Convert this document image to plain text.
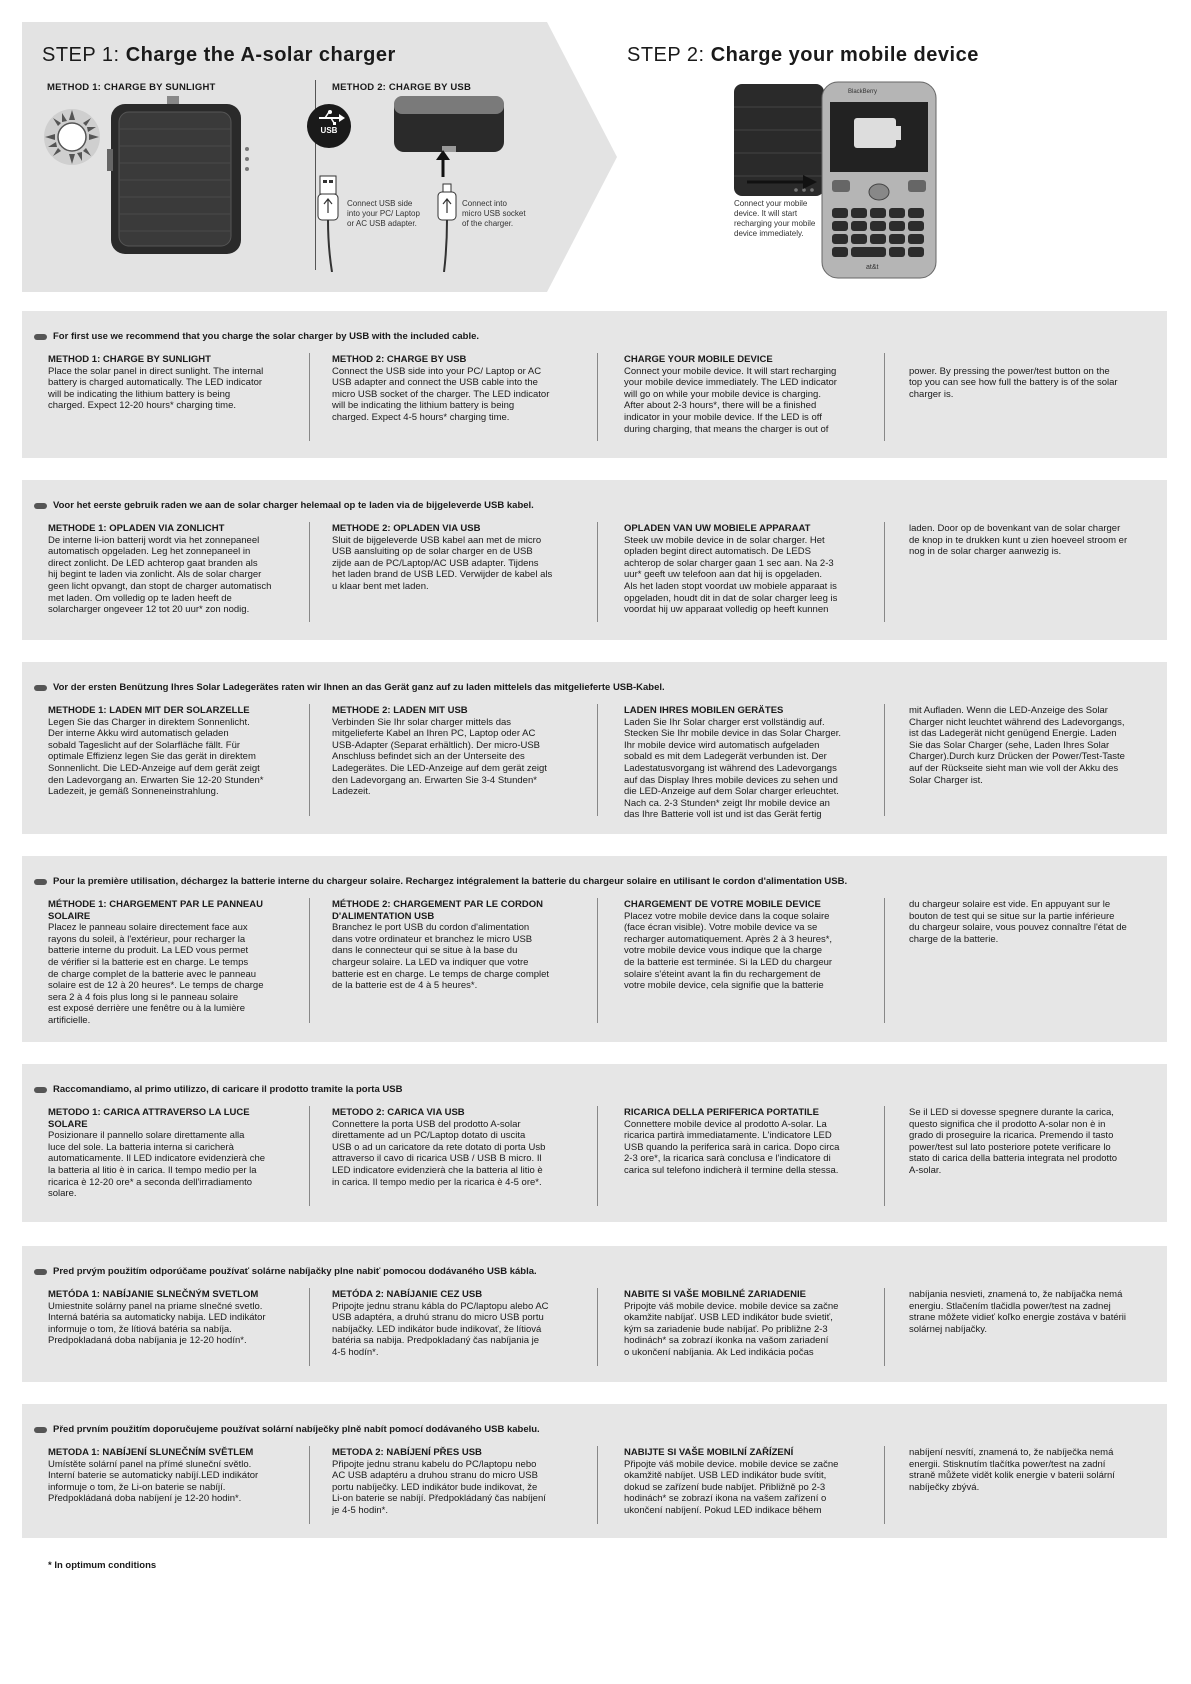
STEP 1: Charge the A-solar charger	STEP 2: Charge your mobile device
METHOD 1: CHARGE BY SUNLIGHT	METHOD 2: CHARGE BY USB
USB
Connect USB side
into your PC/ Laptop
or AC USB adapter.
Connect into
micro USB socket
of the charger.
Connect your mobile
device. It will start
recharging your mobile
device immediately.
BlackBerry
at&t
For first use we recommend that you charge the solar charger by USB with the included cable.
METHOD 1: CHARGE BY SUNLIGHT
Place the solar panel in direct sunlight. The internal
battery is charged automatically. The LED indicator
will be indicating the lithium battery is being
charged. Expect 12-20 hours* charging time.
METHOD 2: CHARGE BY USB
Connect the USB side into your PC/ Laptop or AC
USB adapter and connect the USB cable into the
micro USB socket of the charger. The LED indicator
will be indicating the lithium battery is being
charged. Expect 4-5 hours* charging time.
CHARGE YOUR MOBILE DEVICE
Connect your mobile device. It will start recharging
your mobile device immediately. The LED indicator
will go on while your mobile device is charging.
After about 2-3 hours*, there will be a finished
indicator in your mobile device. If the LED is off
during charging, that means the charger is out of

power. By pressing the power/test button on the
top you can see how full the battery is of the solar
charger is.
Voor het eerste gebruik raden we aan de solar charger helemaal op te laden via de bijgeleverde USB kabel.
METHODE 1: OPLADEN VIA ZONLICHT
De interne li-ion batterij wordt via het zonnepaneel
automatisch opgeladen. Leg het zonnepaneel in
direct zonlicht. De LED achterop gaat branden als
hij begint te laden via zonlicht. Als de solar charger
geen licht opvangt, dan stopt de charger automatisch
met laden. Om volledig op te laden heeft de
solarcharger ongeveer 12 tot 20 uur* zon nodig.
METHODE 2: OPLADEN VIA USB
Sluit de bijgeleverde USB kabel aan met de micro
USB aansluiting op de solar charger en de USB
zijde aan de PC/Laptop/AC USB adapter. Tijdens
het laden brand de USB LED. Verwijder de kabel als
u klaar bent met laden.
OPLADEN VAN UW MOBIELE APPARAAT
Steek uw mobile device in de solar charger. Het
opladen begint direct automatisch. De LEDS
achterop de solar charger gaan 1 sec aan. Na 2-3
uur* geeft uw telefoon aan dat hij is opgeladen.
Als het laden stopt voordat uw mobiele apparaat is
opgeladen, houdt dit in dat de solar charger leeg is
voordat hij uw apparaat volledig op heeft kunnen
laden. Door op de bovenkant van de solar charger
de knop in te drukken kunt u zien hoeveel stroom er
nog in de solar charger aanwezig is.
Vor der ersten Benützung Ihres Solar Ladegerätes raten wir Ihnen an das Gerät ganz auf zu laden mittelels das mitgelieferte USB-Kabel.
METHODE 1: LADEN MIT DER SOLARZELLE
Legen Sie das Charger in direktem Sonnenlicht.
Der interne Akku wird automatisch geladen
sobald Tageslicht auf der Solarfläche fällt. Für
optimale Effizienz legen Sie das gerät in direktem
Sonnenlicht. Die LED-Anzeige auf dem gerät zeigt
den Ladevorgang an. Erwarten Sie 12-20 Stunden*
Ladezeit, je gemäß Sonneneinstrahlung.
METHODE 2: LADEN MIT USB
Verbinden Sie Ihr solar charger mittels das
mitgelieferte Kabel an Ihren PC, Laptop oder AC
USB-Adapter (Separat erhältlich). Der micro-USB
Anschluss befindet sich an der Unterseite des
Ladegerätes. Die LED-Anzeige auf dem gerät zeigt
den Ladevorgang an. Erwarten Sie 3-4 Stunden*
Ladezeit.
LADEN IHRES MOBILEN GERÄTES
Laden Sie Ihr Solar charger erst vollständig auf.
Stecken Sie Ihr mobile device in das Solar Charger.
Ihr mobile device wird automatisch aufgeladen
sobald es mit dem Ladegerät verbunden ist. Der
Ladestatusvorgang ist während des Ladevorgangs
auf das Display Ihres mobile devices zu sehen und
die LED-Anzeige auf dem Solar charger erleuchtet.
Nach ca. 2-3 Stunden* zeigt Ihr mobile device an
das Ihre Batterie voll ist und ist das Gerät fertig
mit Aufladen. Wenn die LED-Anzeige des Solar
Charger nicht leuchtet während des Ladevorgangs,
ist das Ladegerät nicht genügend Energie. Laden
Sie das Solar Charger (sehe, Laden Ihres Solar
Charger).Durch kurz Drücken der Power/Test-Taste
auf der Rückseite sieht man wie voll der Akku des
Solar Charger ist.
Pour la première utilisation, déchargez la batterie interne du chargeur solaire. Rechargez intégralement la batterie du chargeur solaire en utilisant le cordon d'alimentation USB.
MÉTHODE 1: CHARGEMENT PAR LE PANNEAU
SOLAIRE
Placez le panneau solaire directement face aux
rayons du soleil, à l'extérieur, pour recharger la
batterie interne du produit. La LED vous permet
de vérifier si la batterie est en charge. Le temps
de charge complet de la batterie avec le panneau
solaire est de 12 à 20 heures*. Le temps de charge
sera 2 à 4 fois plus long si le panneau solaire
est exposé derrière une fenêtre ou à la lumière
artificielle.
MÉTHODE 2: CHARGEMENT PAR LE CORDON
D'ALIMENTATION USB
Branchez le port USB du cordon d'alimentation
dans votre ordinateur et branchez le micro USB
dans le connecteur qui se situe à la base du
chargeur solaire. La LED va indiquer que votre
batterie est en charge. Le temps de charge complet
de la batterie est de 4 à 5 heures*.
CHARGEMENT DE VOTRE MOBILE DEVICE
Placez votre mobile device dans la coque solaire
(face écran visible). Votre mobile device va se
recharger automatiquement. Après 2 à 3 heures*,
votre mobile device vous indique que la charge
de la batterie est terminée. Si la LED du chargeur
solaire s'éteint avant la fin du rechargement de
votre mobile device, cela signifie que la batterie
du chargeur solaire est vide. En appuyant sur le
bouton de test qui se situe sur la partie inférieure
du chargeur solaire, vous pouvez connaître l'état de
charge de la batterie.
Raccomandiamo, al primo utilizzo, di caricare il prodotto tramite la porta USB
METODO 1: CARICA ATTRAVERSO LA LUCE
SOLARE
Posizionare il pannello solare direttamente alla
luce del sole. La batteria interna si caricherà
automaticamente. Il LED indicatore evidenzierà che
la batteria al litio è in carica. Il tempo medio per la
ricarica è 12-20 ore* a seconda dell'irradiamento
solare.
METODO 2: CARICA VIA USB
Connettere la porta USB del prodotto A-solar
direttamente ad un PC/Laptop dotato di uscita
USB o ad un caricatore da rete dotato di porta Usb
attraverso il cavo di ricarica USB / USB B micro. Il
LED indicatore evidenzierà che la batteria al litio è
in carica. Il tempo medio per la ricarica è 4-5 ore*.
RICARICA DELLA PERIFERICA PORTATILE
Connettere mobile device al prodotto A-solar. La
ricarica partirà immediatamente. L'indicatore LED
USB quando la periferica sarà in carica. Dopo circa
2-3 ore*, la ricarica sarà conclusa e l'indicatore di
carica sul telefono indicherà il termine della stessa.
Se il LED si dovesse spegnere durante la carica,
questo significa che il prodotto A-solar non è in
grado di proseguire la ricarica. Premendo il tasto
power/test sul lato posteriore potete verificare lo
stato di carica della batteria integrata nel prodotto
A-solar.
Pred prvým použitím odporúčame používať solárne nabíjačky plne nabiť pomocou dodávaného USB kábla.
METÓDA 1: NABÍJANIE SLNEČNÝM SVETLOM
Umiestnite solárny panel na priame slnečné svetlo.
Interná batéria sa automaticky nabija. LED indikátor
informuje o tom, že lítiová batéria sa nabíja.
Predpokladaná doba nabíjania je 12-20 hodín*.
METÓDA 2: NABÍJANIE CEZ USB
Pripojte jednu stranu kábla do PC/laptopu alebo AC
USB adaptéra, a druhú stranu do micro USB portu
nabíjačky. LED indikátor bude indikovať, že lítiová
batéria sa nabija. Predpokladaný čas nabíjania je
4-5 hodín*.
NABITE SI VAŠE MOBILNÉ ZARIADENIE
Pripojte váš mobile device. mobile device sa začne
okamžite nabíjať. USB LED indikátor bude svietiť,
kým sa zariadenie bude nabíjať. Po približne 2-3
hodinách* sa zobrazí ikonka na vašom zariadení
o ukončení nabíjania. Ak Led indikácia počas
nabíjania nesvieti, znamená to, že nabíjačka nemá
energiu. Stlačením tlačidla power/test na zadnej
strane môžete vidieť koľko energie zostáva v batérii
solárnej nabíjačky.
Před prvním použitím doporučujeme používat solární nabíječky plně nabít pomocí dodávaného USB kabelu.
METODA 1: NABÍJENÍ SLUNEČNÍM SVĚTLEM
Umístěte solární panel na přímé sluneční světlo.
Interní baterie se automaticky nabíjí.LED indikátor
informuje o tom, že Li-on baterie se nabíjí.
Předpokládaná doba nabíjení je 12-20 hodin*.
METODA 2: NABÍJENÍ PŘES USB
Připojte jednu stranu kabelu do PC/laptopu nebo
AC USB adaptéru a druhou stranu do micro USB
portu nabíječky. LED indikátor bude indikovat, že
Li-on baterie se nabíjí. Předpokládaný čas nabíjení
je 4-5 hodin*.
NABIJTE SI VAŠE MOBILNÍ ZAŘÍZENÍ
Připojte váš mobile device. mobile device se začne
okamžitě nabíjet. USB LED indikátor bude svítit,
dokud se zařízení bude nabíjet. Přibližně po 2-3
hodinách* se zobrazí ikona na vašem zařízení o
ukončení nabíjení. Pokud LED indikace během
nabíjení nesvítí, znamená to, že nabíječka nemá
energii. Stisknutím tlačítka power/test na zadní
straně můžete vidět kolik energie v baterii solární
nabíječky zbývá.
* In optimum conditions
